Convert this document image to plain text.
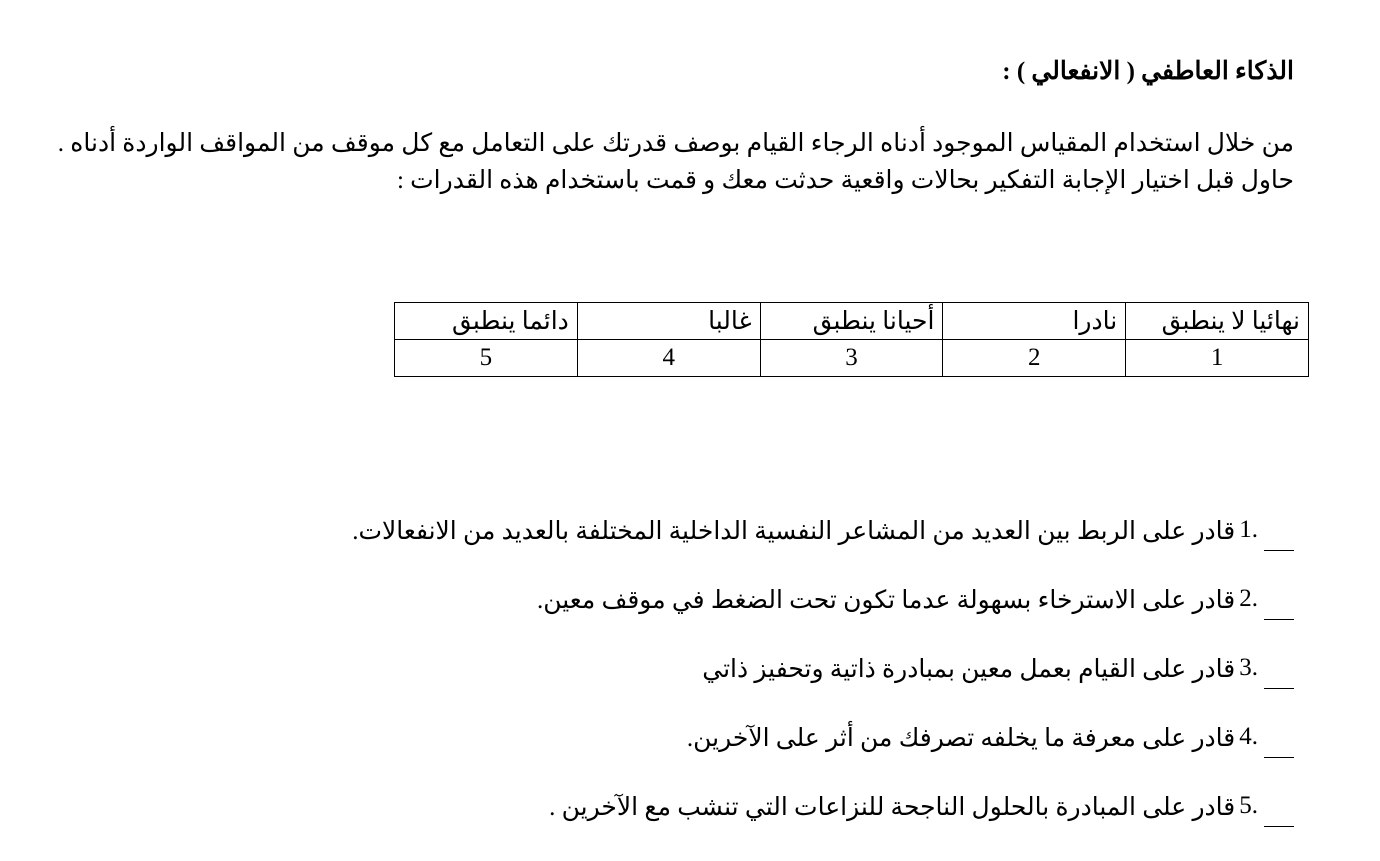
الذكاء العاطفي ( الانفعالي ) :
من خلال استخدام المقياس الموجود أدناه الرجاء القيام بوصف قدرتك على التعامل مع كل موقف من المواقف الواردة أدناه .
حاول قبل اختيار الإجابة التفكير بحالات واقعية حدثت معك و قمت باستخدام هذه القدرات :
نهائيا لا ينطبق	نادرا	أحيانا ينطبق	غالبا	دائما ينطبق
1	2	3	4	5
1.
قادر على الربط بين العديد من المشاعر النفسية الداخلية المختلفة بالعديد من الانفعالات.
2.
قادر على الاسترخاء بسهولة عدما تكون تحت الضغط في موقف معين.
3.
قادر على القيام بعمل معين بمبادرة ذاتية وتحفيز ذاتي
4.
قادر على معرفة ما يخلفه تصرفك من أثر على الآخرين.
5.
قادر على المبادرة بالحلول الناجحة للنزاعات التي تنشب مع الآخرين .
